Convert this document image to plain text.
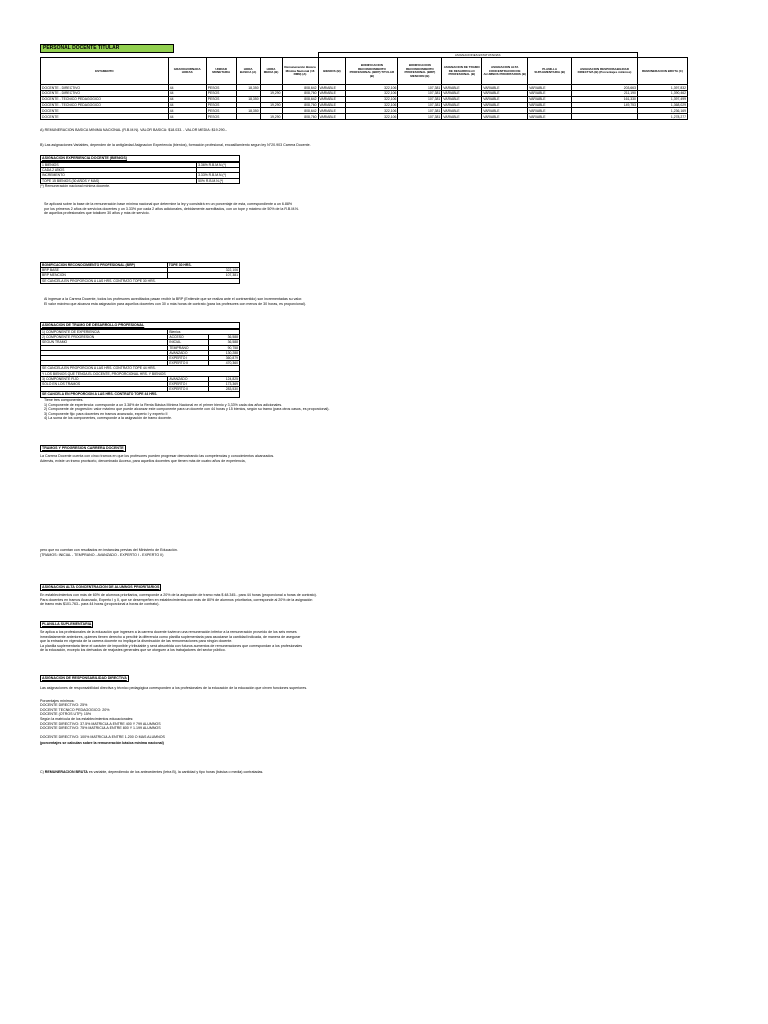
PERSONAL DOCENTE TITULAR
						ASIGNACIONES ESTATUTARIAS							
ESTAMENTO	GRADO/JORNADA HORAS	UNIDAD MONETARIA	HORA BASICA (A)	HORA MEDIA (B)	Remuneración Básica Mínima Nacional (16 RMN) (A)	BIENIOS (B)	BONIFICACION RECONOCIMIENTO PROFESIONAL (BRP) TITULAR (B)	BONIFICACION RECONOCIMIENTO PROFESIONAL (BRP) MENCION (B)	ASIGNACION DE TRAMO DE DESARROLLO PROFESIONAL (B)	ASIGNACION ALTA CONCENTRACION DE ALUMNOS PRIORITARIOS (B)	PLANILLA SUPLEMENTARIA (B)	ASIGNACION RESPONSABILIDAD DIRECTIVA (B) (Porcentajes mínimos)	REMUNERACION BRUTA (C)
DOCENTE - DIRECTIVO	44	PESOS	18,350		808,642	VARIABLE	322,106	107,381	VARIABLE	VARIABLE	VARIABLE	203,663	1,397,832
DOCENTE - DIRECTIVO	44	PESOS		19,290	808,760	VARIABLE	322,106	107,381	VARIABLE	VARIABLE	VARIABLE	211,190	1,390,462
DOCENTE - TECNICO PEDAGOGICO	44	PESOS	18,350		808,642	VARIABLE	322,106	107,381	VARIABLE	VARIABLE	VARIABLE	161,330	1,397,499
DOCENTE - TECNICO PEDAGOGICO	44	PESOS		19,290	808,760	VARIABLE	322,106	107,381	VARIABLE	VARIABLE	VARIABLE	149,753	1,368,029
DOCENTE	44	PESOS	18,350		808,642	VARIABLE	322,106	107,381	VARIABLE	VARIABLE	VARIABLE		1,236,169
DOCENTE	44	PESOS		19,290	808,760	VARIABLE	322,106	107,381	VARIABLE	VARIABLE	VARIABLE		1,278,277
A) REMUNERACION BASICA MINIMA NACIONAL (R.B.M.N). VALOR BASICA: $18.033. - VALOR MEDIA: $19.290.-
B) Las asignaciones Variables, dependen de la antigüedad Asignacion Experiencia (bienios), formación profesional, encasillamiento segun ley N°20.903 Carrera Docente.
ASIGNACION EXPERIENCIA DOCENTE (BIENIOS)
1 BIENIOS	3.36% R.B.M.N.(*)
CADA 2 AÑOS	
INCREMENTO	3.33% R.B.M.N.(*)
TOPE 15 BIENIOS (30 AÑOS Y MAS)	50% R.B.M.N.(*)
(*) Remuneración nacional mínima docente.
Se aplicará sobre la base de la remuneración base mínima nacional que determine la ley y consistirá en un porcentaje de esta, correspondiente a un 6.88%
por los primeros 2 años de servicios docentes y un 3.33% por cada 2 años adicionales, debidamente acreditados, con un tope y máximo de 50% de la R.B.M.N.
de aquellos profesionales que totalicen 30 años y más de servicio.
BONIFICACION RECONOCIMIENTO PROFESIONAL (BRP)	TOPE 30 HRS.
BRP BASE	322,106
BRP MENCION	107,381
SE CANCELA EN PROPORCION A LAS HRS. CONTRATO TOPE 30 HRS.	
Al ingresar a la Carrera Docente, todos los profesores acreditados pasan recibir la BRP (Entiende que se realiza ante el contrsentido) son incrementadas su valor.
El valor máximo que alcanza esta asignación para aquellos docentes con 30 o más horas de contrato (para los profesores con menos de 30 horas, es proporcional).
ASIGNACION DE TRAMO DE DESARROLLO PROFESIONAL
1) COMPONENTE DE EXPERIENCIA	Bienios	
2) COMPONENTE PROGRESION	ACCESO	36,588
SEGUN TRAMO	INICIAL	36,588
	TEMPRANO	90,758
	AVANZADO	130,288
	EXPERTO I	360,879
	EXPERTO II	470,360
SE CANCELA EN PROPORCION A LAS HRS. CONTRATO TOPE 44 HRS.		
Y LOS BIENIOS QUE TENGA EL DOCENTE, PROPORCIONAL HRS. Y BIENIOS		
3) COMPONENTE FIJO	AVANZADO	124,825
SOLO EN LOS TRAMOS	EXPERTO I	173,369
	EXPERTO II	283,530
SE CANCELA EN PROPORCION A LAS HRS. CONTRATO TOPE 44 HRS.		
Tiene tres componentes.
1) Componente de experiencia: corresponde a un 3.38% de la Renta Básica Mínima Nacional en el primer bienio y 3,33% cada dos años adicionales.
2) Componente de progresión: valor máximo que puede alcanzar este componente para un docente con 44 horas y 15 bienios, según su tramo (para otros casos, es proporcional).
3) Componente fijo: para docentes en tramos avanzado, experto I y experto II
4) La suma de los componentes, corresponde a la asignación de tramo docente.
TRAMOS Y PROGRESION CARRERA DOCENTE
La Carrera Docente cuenta con cinco tramos en que los profesores pueden progresar demostrando las competencias y conocimientos alcanzados.
Además, existe un tramo provisorio, denominado Acceso, para aquellos docentes que tienen más de cuatro años de experiencia,
pero que no cuentan con resultados en instancias previas del Ministerio de Educación.
(TRAMOS: INICIAL - TEMPRANO - AVANZADO - EXPERTO I - EXPERTO II)
ASIGNACION ALTA CONCENTRACION DE ALUMNOS PRIORITARIOS
En establecimientos con más de 60% de alumnos prioritarios, corresponde a 20% de la asignación de tramo más $ 48.345.- para 44 horas (proporcional a horas de contrato).
Para docentes en tramos Avanzado, Experto I y II, que se desempeñen en establecimientos con más de 80% de alumnos prioritarios, corresponde al 20% de la asignación
de tramo más $101.763.- para 44 horas (proporcional a horas de contrato).
PLANILLA SUPLEMENTARIA
Se aplica a los profesionales de la educación que ingresen a la carrera docente tuvieron una remuneración inferior a la remuneración proveído de los seis meses
inmediatamente anteriores, quienes tienen derecho a percibir la diferencia como planilla suplementaria para asociarse la cantidad indicada, de manera de asegurar
que la entrada en vigencia de la carrera docente no implique la disminución de las remuneraciones para ningún docente.
La planilla suplementaria tiene el carácter de imponible y tributable y será absorbida con futuros aumentos de remuneraciones que correspondan a los profesionales
de la educación, excepto los derivados de reajustes generales que se otorguen a los trabajadores del sector público.
ASIGNACION DE RESPONSABILIDAD DIRECTIVA
Las asignaciones de responsabilidad directiva y técnico pedagógica corresponden a los profesionales de la educación de la educación que cirven funciones superiores.
Porcentajes mínimos:
DOCENTE DIRECTIVO: 25%
DOCENTE TECNICO PEDAGOGICO: 20%
DOCENTE (OTROS UTP): 15%
Según la matrícula de los establecimientos educacionales:
DOCENTE DIRECTIVO: 37.5% MATRICULA ENTRE 400 Y 799 ALUMNOS
DOCENTE DIRECTIVO: 75% MATRICULA ENTRE 800 Y 1.199 ALUMNOS
DOCENTE DIRECTIVO: 100% MATRICULA ENTRE 1.200 O MAS ALUMNOS
(porcentajes se calculan sobre la remuneración básica mínima nacional)
C) REMUNERACION BRUTA es variable, dependiendo de los antecedentes (letra B), la cantidad y tipo horas (básica o media) contratadas.
